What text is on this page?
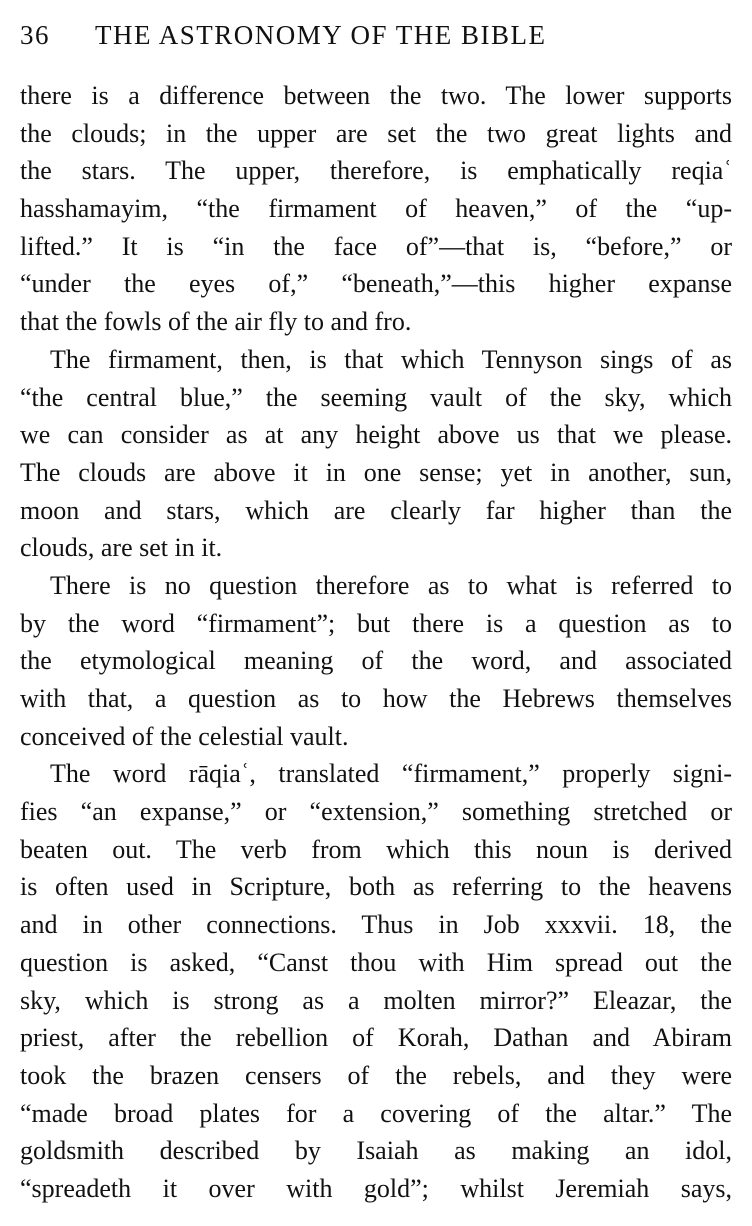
36 THE ASTRONOMY OF THE BIBLE
there is a difference between the two. The lower supports
the clouds; in the upper are set the two great lights and
the stars. The upper, therefore, is emphatically reqiaʿ
hasshamayim, “the firmament of heaven,” of the “up-
lifted.” It is “in the face of”—that is, “before,” or
“under the eyes of,” “beneath,”—this higher expanse
that the fowls of the air fly to and fro.
The firmament, then, is that which Tennyson sings of as
“the central blue,” the seeming vault of the sky, which
we can consider as at any height above us that we please.
The clouds are above it in one sense; yet in another, sun,
moon and stars, which are clearly far higher than the
clouds, are set in it.
There is no question therefore as to what is referred to
by the word “firmament”; but there is a question as to
the etymological meaning of the word, and associated
with that, a question as to how the Hebrews themselves
conceived of the celestial vault.
The word rāqiaʿ, translated “firmament,” properly signi-
fies “an expanse,” or “extension,” something stretched or
beaten out. The verb from which this noun is derived
is often used in Scripture, both as referring to the heavens
and in other connections. Thus in Job xxxvii. 18, the
question is asked, “Canst thou with Him spread out the
sky, which is strong as a molten mirror?” Eleazar, the
priest, after the rebellion of Korah, Dathan and Abiram
took the brazen censers of the rebels, and they were
“made broad plates for a covering of the altar.” The
goldsmith described by Isaiah as making an idol,
“spreadeth it over with gold”; whilst Jeremiah says,
